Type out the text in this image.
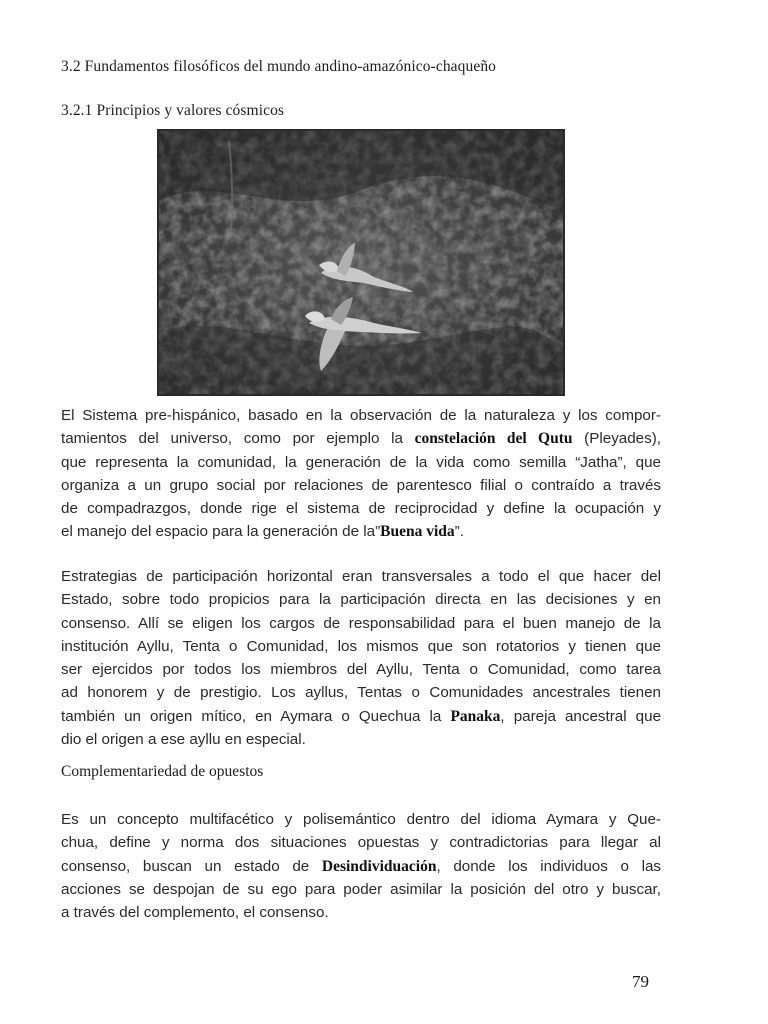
3.2 Fundamentos filosóficos del mundo andino-amazónico-chaqueño
3.2.1 Principios y valores cósmicos
El Sistema pre-hispánico, basado en la observación de la naturaleza y los compor-
tamientos del universo, como por ejemplo la constelación del Qutu (Pleyades),
que representa la comunidad, la generación de la vida como semilla “Jatha”, que
organiza a un grupo social por relaciones de parentesco filial o contraído a través
de compadrazgos, donde rige el sistema de reciprocidad y define la ocupación y
el manejo del espacio para la generación de la”Buena vida”.
Estrategias de participación horizontal eran transversales a todo el que hacer del
Estado, sobre todo propicios para la participación directa en las decisiones y en
consenso. Allí se eligen los cargos de responsabilidad para el buen manejo de la
institución Ayllu, Tenta o Comunidad, los mismos que son rotatorios y tienen que
ser ejercidos por todos los miembros del Ayllu, Tenta o Comunidad, como tarea
ad honorem y de prestigio. Los ayllus, Tentas o Comunidades ancestrales tienen
también un origen mítico, en Aymara o Quechua la Panaka, pareja ancestral que
dio el origen a ese ayllu en especial.
Complementariedad de opuestos
Es un concepto multifacético y polisemántico dentro del idioma Aymara y Que-
chua, define y norma dos situaciones opuestas y contradictorias para llegar al
consenso, buscan un estado de Desindividuación, donde los individuos o las
acciones se despojan de su ego para poder asimilar la posición del otro y buscar,
a través del complemento, el consenso.
79
